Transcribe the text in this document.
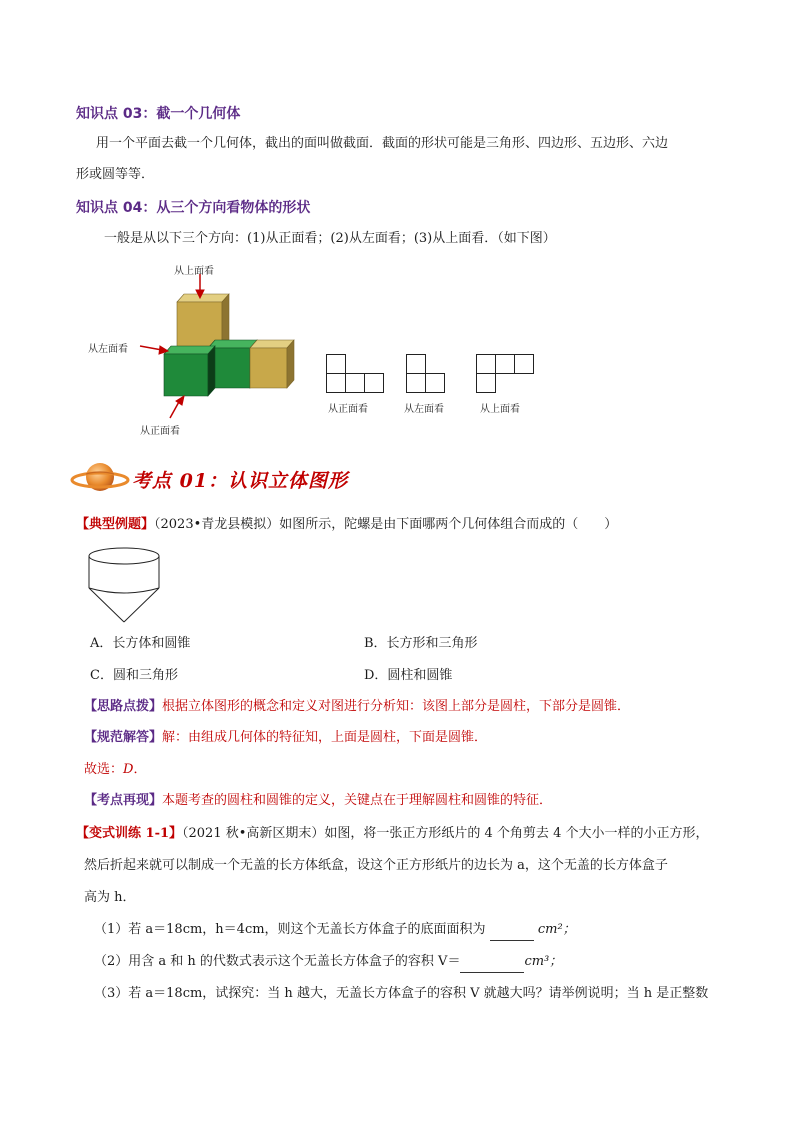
知识点 03：截一个几何体
用一个平面去截一个几何体，截出的面叫做截面．截面的形状可能是三角形、四边形、五边形、六边
形或圆等等．
知识点 04：从三个方向看物体的形状
一般是从以下三个方向：(1)从正面看；(2)从左面看；(3)从上面看．（如下图）
从上面看
从左面看
从正面看
从正面看	从左面看	从上面看
考点 01：认识立体图形
【典型例题】（2023•青龙县模拟）如图所示，陀螺是由下面哪两个几何体组合而成的（　　）
A．长方体和圆锥	B．长方形和三角形
C．圆和三角形	D．圆柱和圆锥
【思路点拨】根据立体图形的概念和定义对图进行分析知：该图上部分是圆柱，下部分是圆锥．
【规范解答】解：由组成几何体的特征知，上面是圆柱，下面是圆锥．
故选：D．
【考点再现】本题考查的圆柱和圆锥的定义，关键点在于理解圆柱和圆锥的特征．
【变式训练 1-1】（2021 秋•高新区期末）如图，将一张正方形纸片的 4 个角剪去 4 个大小一样的小正方形，
然后折起来就可以制成一个无盖的长方体纸盒，设这个正方形纸片的边长为 a，这个无盖的长方体盒子
高为 h．
（1）若 a＝18cm，h＝4cm，则这个无盖长方体盒子的底面面积为	cm²；
（2）用含 a 和 h 的代数式表示这个无盖长方体盒子的容积 V＝	cm³；
（3）若 a＝18cm，试探究：当 h 越大，无盖长方体盒子的容积 V 就越大吗？请举例说明；当 h 是正整数
